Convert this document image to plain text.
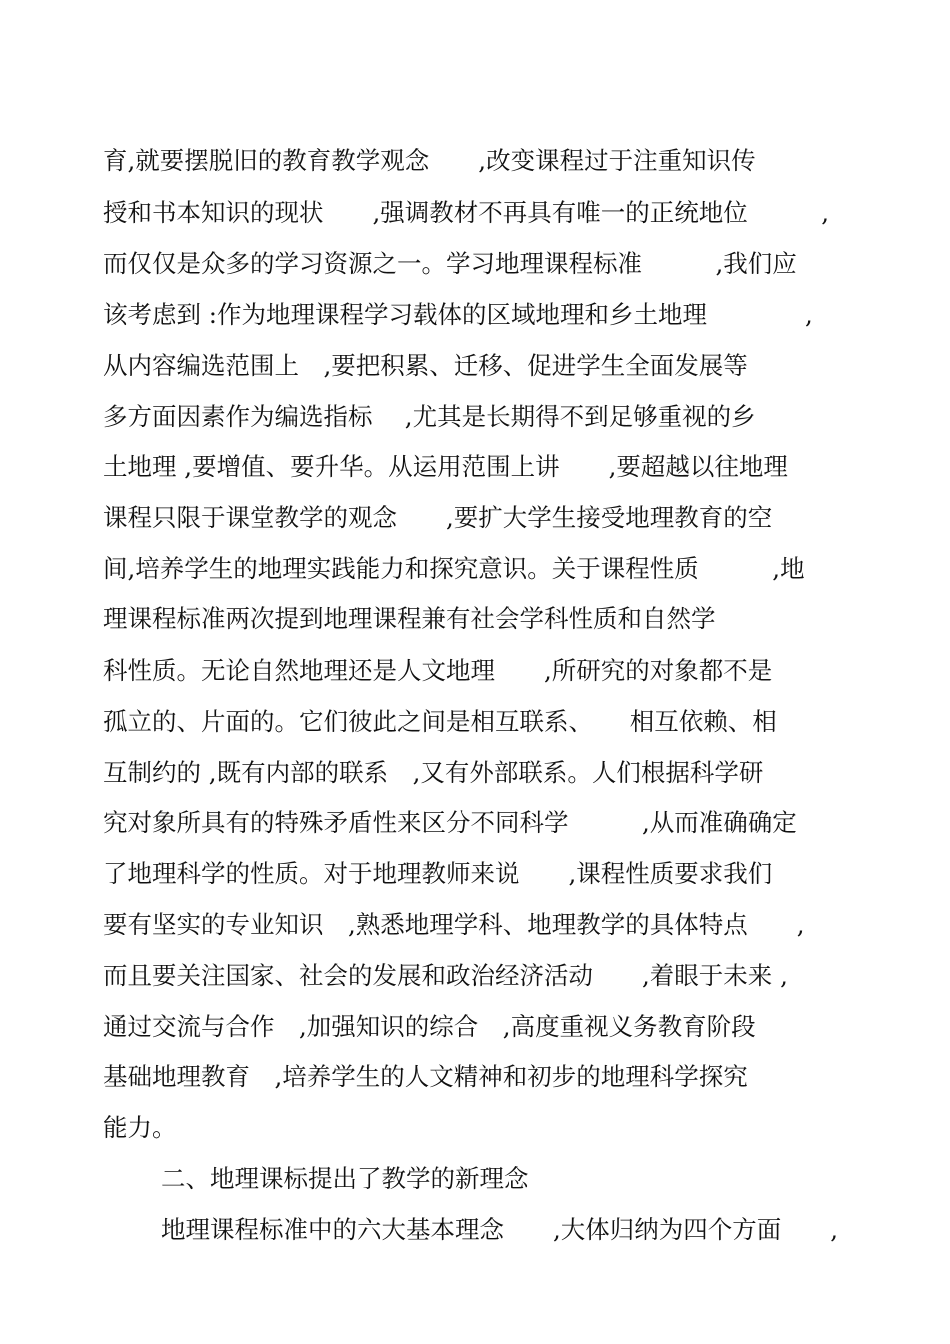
育,就要摆脱旧的教育教学观念　　,改变课程过于注重知识传
授和书本知识的现状　　,强调教材不再具有唯一的正统地位　　　,
而仅仅是众多的学习资源之一。学习地理课程标准　　　,我们应
该考虑到 :作为地理课程学习载体的区域地理和乡土地理　　　　,
从内容编选范围上　,要把积累、迁移、促进学生全面发展等
多方面因素作为编选指标　 ,尤其是长期得不到足够重视的乡
土地理 ,要增值、要升华。从运用范围上讲　　,要超越以往地理
课程只限于课堂教学的观念　　,要扩大学生接受地理教育的空
间,培养学生的地理实践能力和探究意识。关于课程性质　　　,地
理课程标准两次提到地理课程兼有社会学科性质和自然学
科性质。无论自然地理还是人文地理　　,所研究的对象都不是
孤立的、片面的。它们彼此之间是相互联系、　　相互依赖、相
互制约的 ,既有内部的联系　,又有外部联系。人们根据科学研
究对象所具有的特殊矛盾性来区分不同科学　　　,从而准确确定
了地理科学的性质。对于地理教师来说　　,课程性质要求我们
要有坚实的专业知识　,熟悉地理学科、地理教学的具体特点　　,
而且要关注国家、社会的发展和政治经济活动　　,着眼于未来 ,
通过交流与合作　,加强知识的综合　,高度重视义务教育阶段
基础地理教育　,培养学生的人文精神和初步的地理科学探究
能力。
二、地理课标提出了教学的新理念
地理课程标准中的六大基本理念　　,大体归纳为四个方面　　,
